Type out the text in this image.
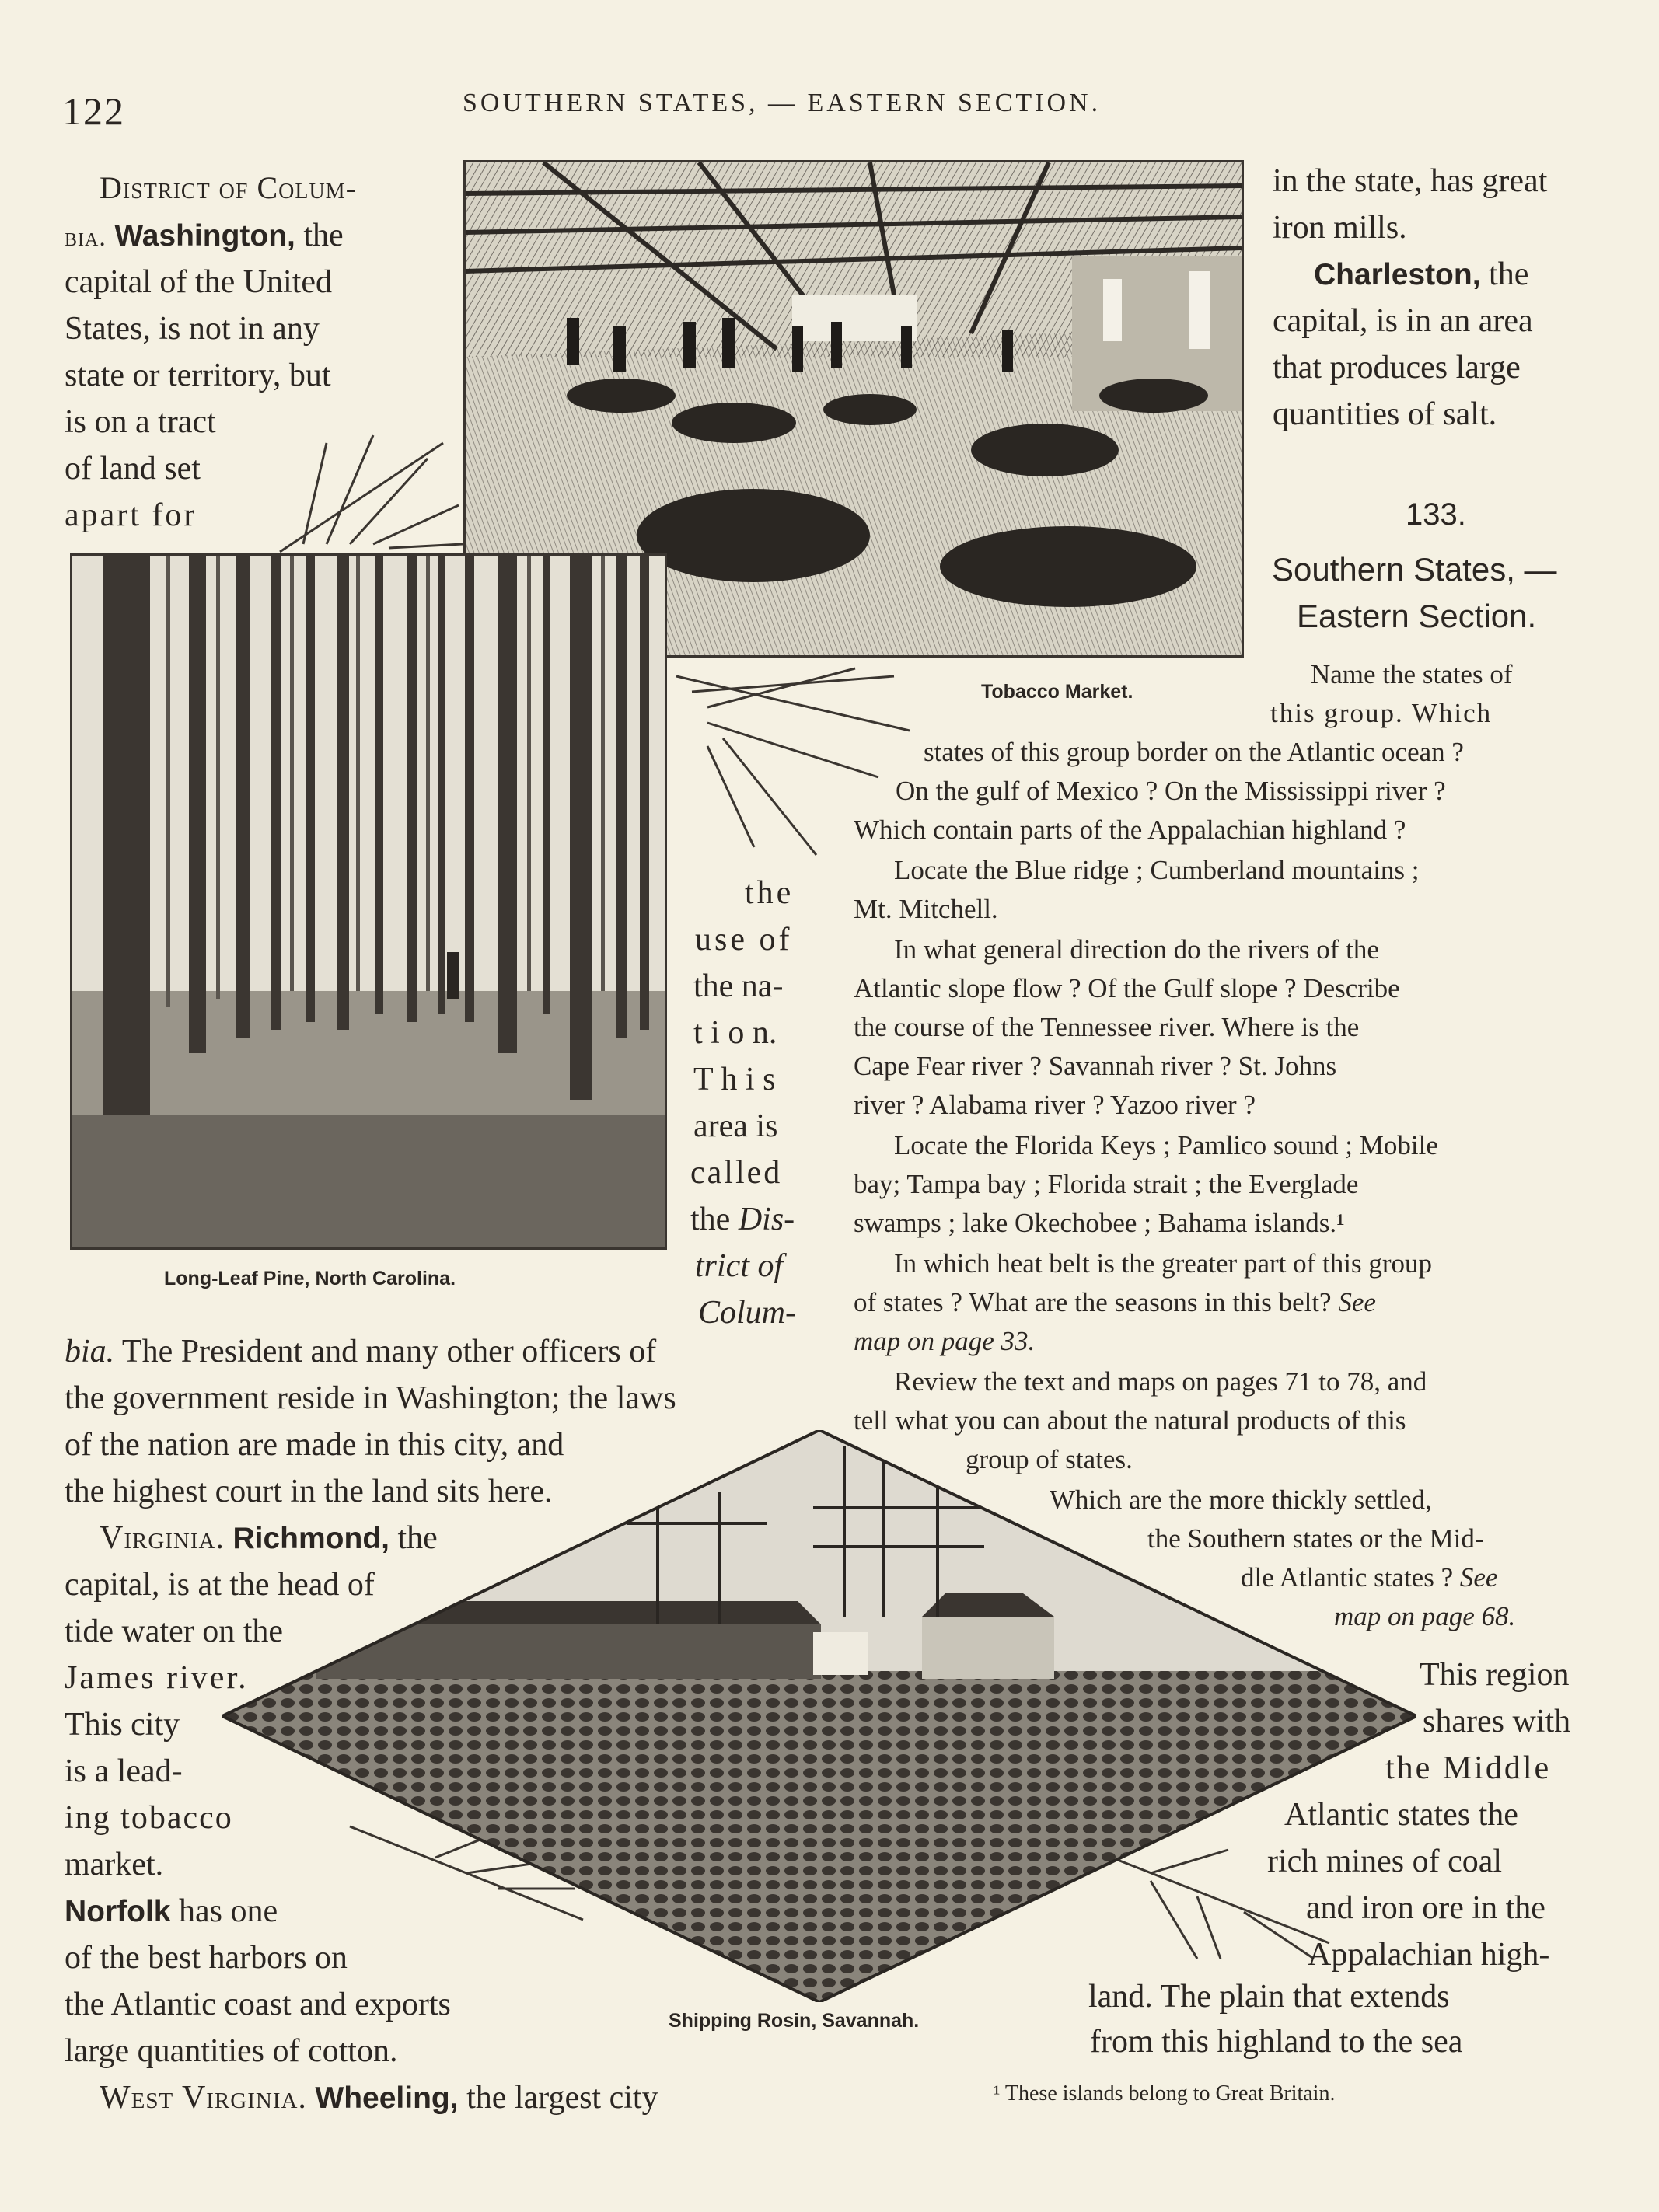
122	SOUTHERN STATES, — EASTERN SECTION.
Tobacco Market.
Long-Leaf Pine, North Carolina.
Shipping Rosin, Savannah.
District of Colum-
bia. Washington, the
capital of the United
States, is not in any
state or territory, but
is on a tract
of land set
apart for
the
use of
the na-
t i o n.
T h i s
area is
called
the Dis-
trict of
Colum-
bia. The President and many other officers of
the government reside in Washington; the laws
of the nation are made in this city, and
the highest court in the land sits here.
Virginia. Richmond, the
capital, is at the head of
tide water on the
James river.
This city
is a lead-
ing tobacco
market.
Norfolk has one
of the best harbors on
the Atlantic coast and exports
large quantities of cotton.
West Virginia. Wheeling, the largest city
in the state, has great
iron mills.
Charleston, the
capital, is in an area
that produces large
quantities of salt.
133.
Southern States, —
Eastern Section.
Name the states of
this group. Which
states of this group border on the Atlantic ocean ?
On the gulf of Mexico ? On the Mississippi river ?
Which contain parts of the Appalachian highland ?
Locate the Blue ridge ; Cumberland mountains ;
Mt. Mitchell.
In what general direction do the rivers of the
Atlantic slope flow ? Of the Gulf slope ? Describe
the course of the Tennessee river. Where is the
Cape Fear river ? Savannah river ? St. Johns
river ? Alabama river ? Yazoo river ?
Locate the Florida Keys ; Pamlico sound ; Mobile
bay; Tampa bay ; Florida strait ; the Everglade
swamps ; lake Okechobee ; Bahama islands.¹
In which heat belt is the greater part of this group
of states ? What are the seasons in this belt? See
map on page 33.
Review the text and maps on pages 71 to 78, and
tell what you can about the natural products of this
group of states.
Which are the more thickly settled,
the Southern states or the Mid-
dle Atlantic states ? See
map on page 68.
This region
shares with
the Middle
Atlantic states the
rich mines of coal
and iron ore in the
Appalachian high-
land. The plain that extends
from this highland to the sea
¹ These islands belong to Great Britain.
